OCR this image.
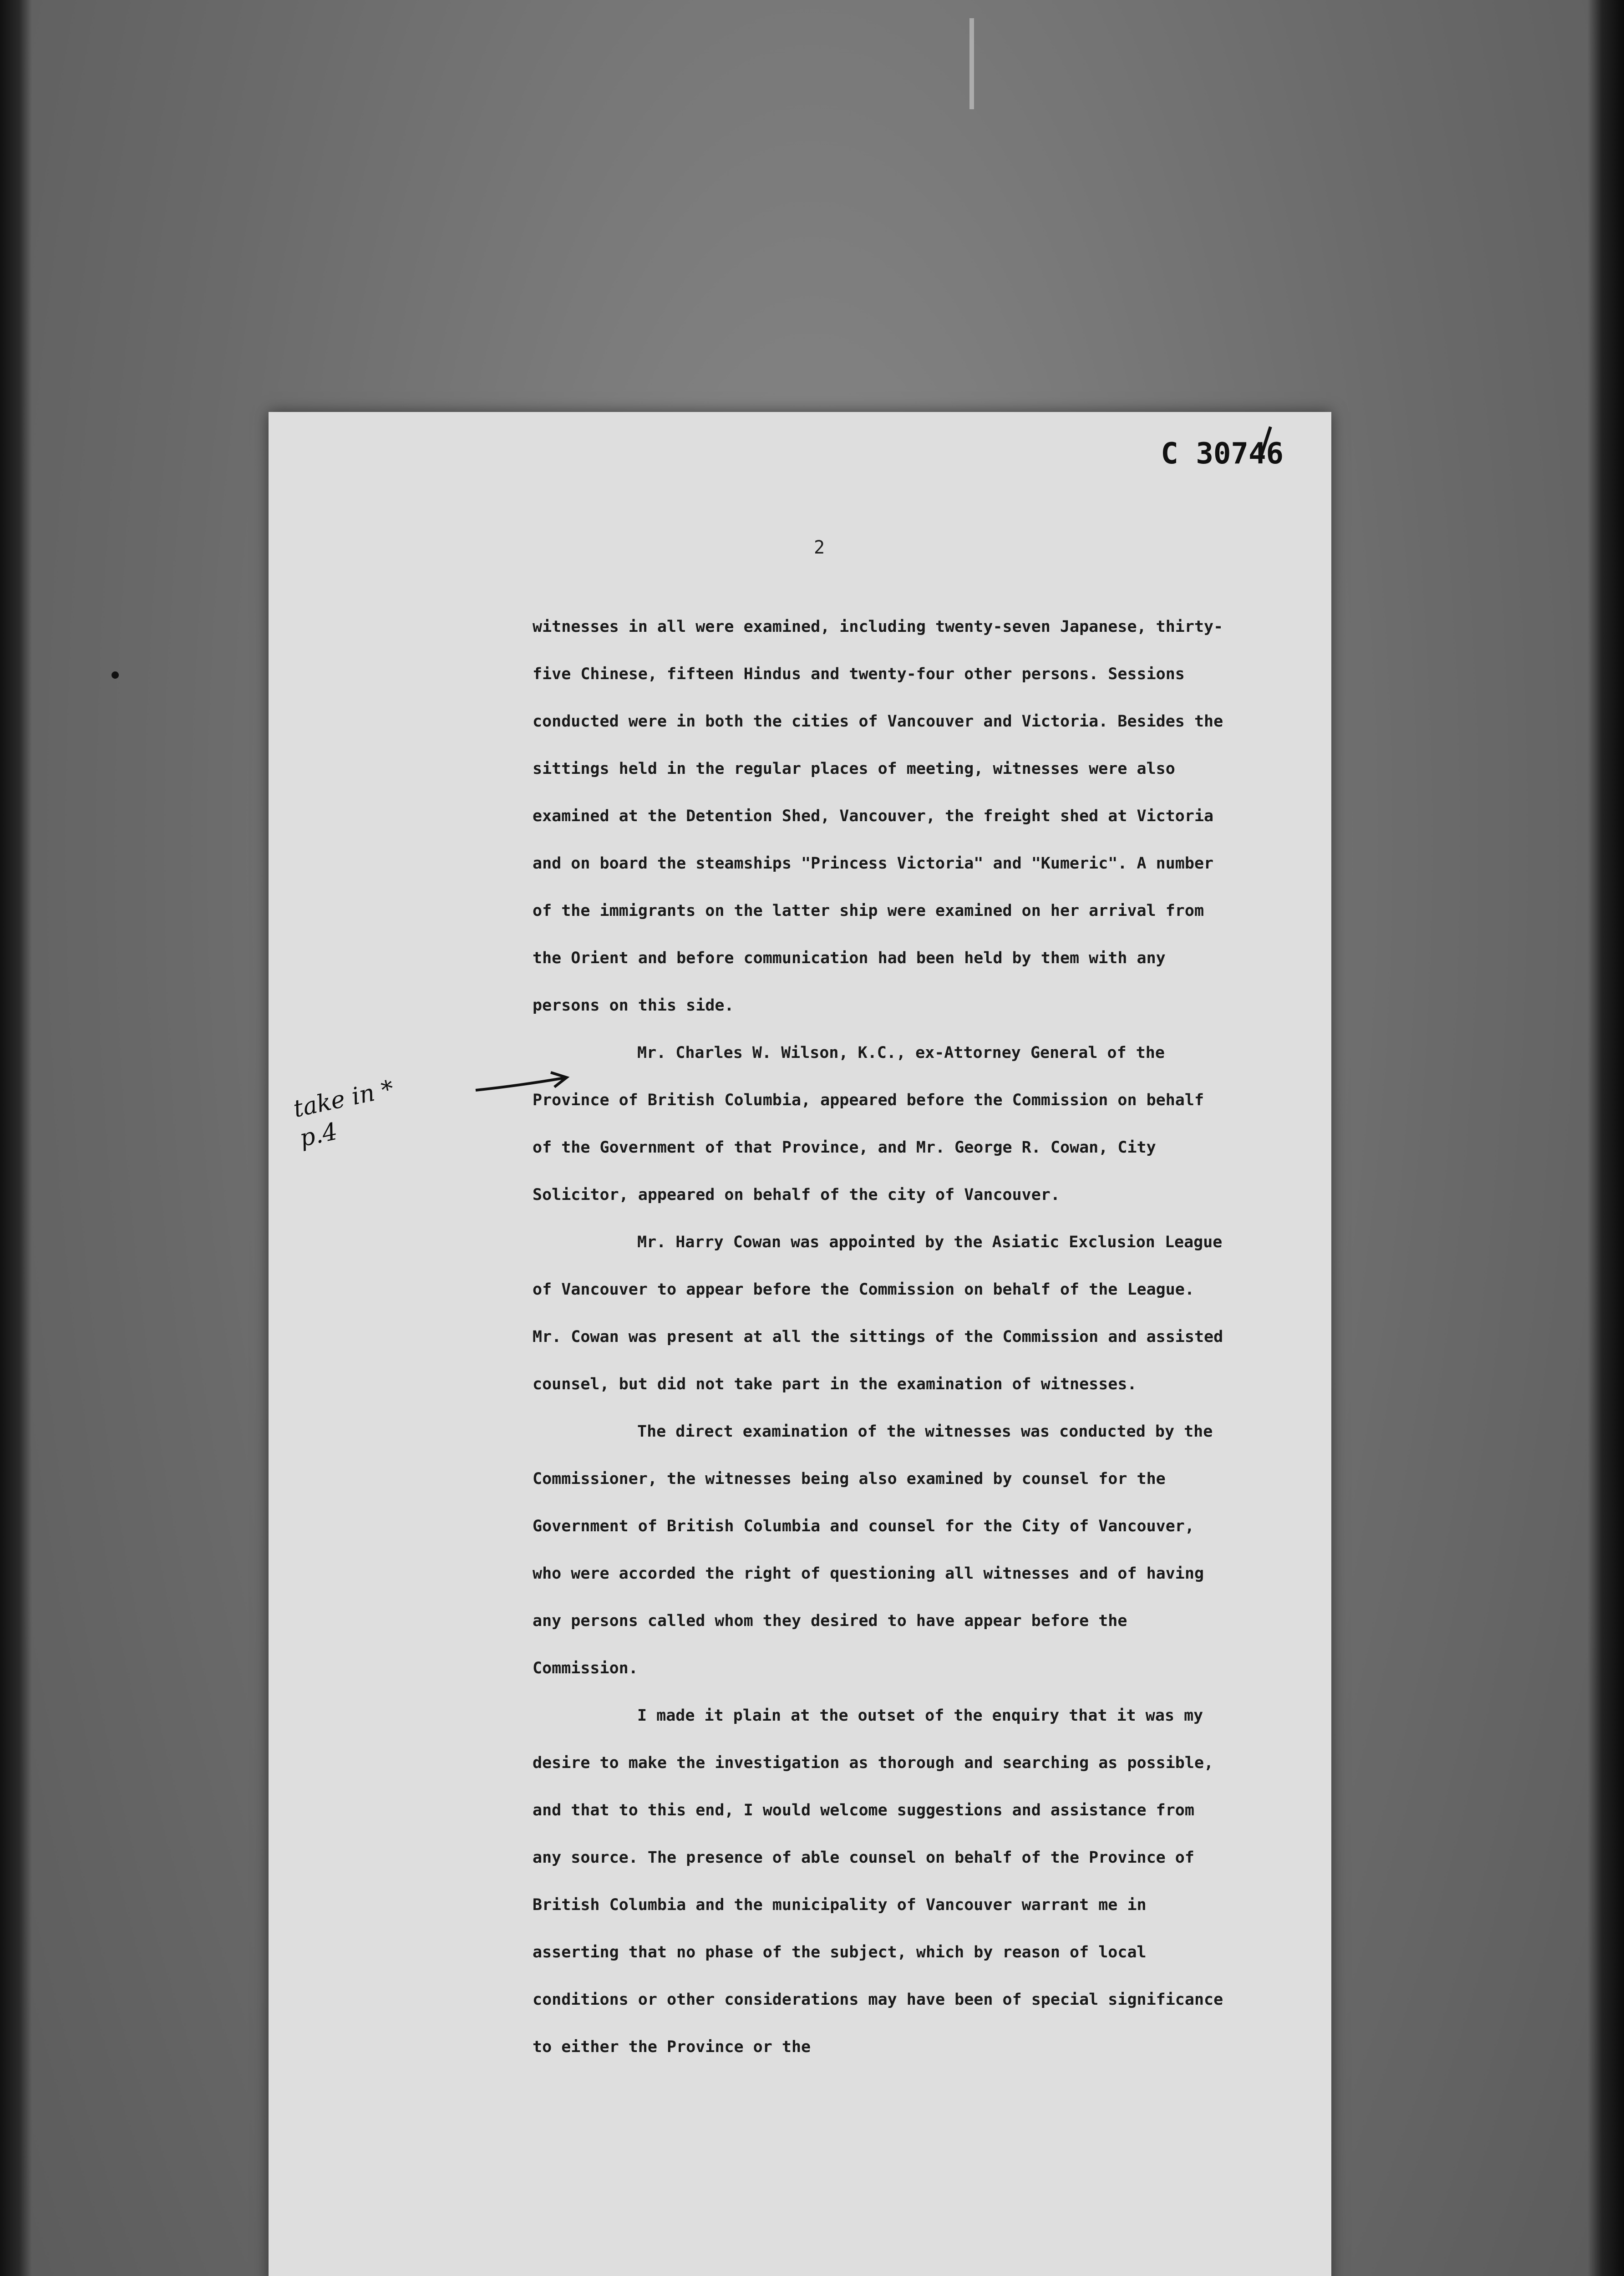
C 30746
2

witnesses in all were examined, including twenty-seven Japanese, thirty-five Chinese, fifteen Hindus and twenty-four other persons. Sessions conducted were in both the cities of Vancouver and Victoria. Besides the sittings held in the regular places of meeting, witnesses were also examined at the Detention Shed, Vancouver, the freight shed at Victoria and on board the steamships "Princess Victoria" and "Kumeric". A number of the immigrants on the latter ship were examined on her arrival from the Orient and before communication had been held by them with any persons on this side.

Mr. Charles W. Wilson, K.C., ex-Attorney General of the Province of British Columbia, appeared before the Commission on behalf of the Government of that Province, and Mr. George R. Cowan, City Solicitor, appeared on behalf of the city of Vancouver.

Mr. Harry Cowan was appointed by the Asiatic Exclusion League of Vancouver to appear before the Commission on behalf of the League. Mr. Cowan was present at all the sittings of the Commission and assisted counsel, but did not take part in the examination of witnesses.

The direct examination of the witnesses was conducted by the Commissioner, the witnesses being also examined by counsel for the Government of British Columbia and counsel for the City of Vancouver, who were accorded the right of questioning all witnesses and of having any persons called whom they desired to have appear before the Commission.

I made it plain at the outset of the enquiry that it was my desire to make the investigation as thorough and searching as possible, and that to this end, I would welcome suggestions and assistance from any source. The presence of able counsel on behalf of the Province of British Columbia and the municipality of Vancouver warrant me in asserting that no phase of the subject, which by reason of local conditions or other considerations may have been of special significance to either the Province or the

take in * p.4
